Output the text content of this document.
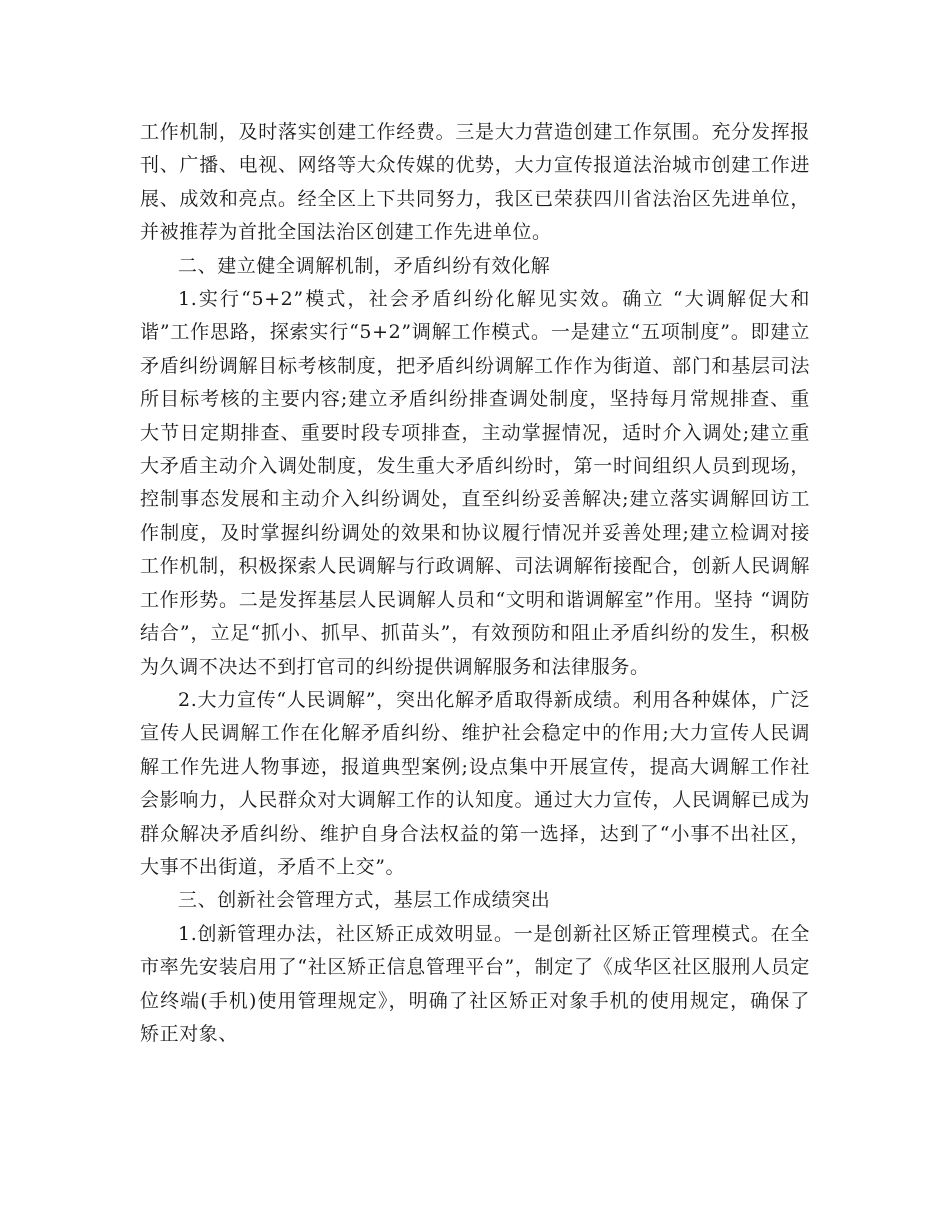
工作机制，及时落实创建工作经费。三是大力营造创建工作氛围。充分发挥报刊、广播、电视、网络等大众传媒的优势，大力宣传报道法治城市创建工作进展、成效和亮点。经全区上下共同努力，我区已荣获四川省法治区先进单位，并被推荐为首批全国法治区创建工作先进单位。

二、建立健全调解机制，矛盾纠纷有效化解

1.实行“5+2”模式，社会矛盾纠纷化解见实效。确立 “大调解促大和谐”工作思路，探索实行“5+2”调解工作模式。一是建立“五项制度”。即建立矛盾纠纷调解目标考核制度，把矛盾纠纷调解工作作为街道、部门和基层司法所目标考核的主要内容;建立矛盾纠纷排查调处制度，坚持每月常规排查、重大节日定期排查、重要时段专项排查，主动掌握情况，适时介入调处;建立重大矛盾主动介入调处制度，发生重大矛盾纠纷时，第一时间组织人员到现场，控制事态发展和主动介入纠纷调处，直至纠纷妥善解决;建立落实调解回访工作制度，及时掌握纠纷调处的效果和协议履行情况并妥善处理;建立检调对接工作机制，积极探索人民调解与行政调解、司法调解衔接配合，创新人民调解工作形势。二是发挥基层人民调解人员和“文明和谐调解室”作用。坚持 “调防结合”，立足“抓小、抓早、抓苗头”，有效预防和阻止矛盾纠纷的发生，积极为久调不决达不到打官司的纠纷提供调解服务和法律服务。

2.大力宣传“人民调解”，突出化解矛盾取得新成绩。利用各种媒体，广泛宣传人民调解工作在化解矛盾纠纷、维护社会稳定中的作用;大力宣传人民调解工作先进人物事迹，报道典型案例;设点集中开展宣传，提高大调解工作社会影响力，人民群众对大调解工作的认知度。通过大力宣传，人民调解已成为群众解决矛盾纠纷、维护自身合法权益的第一选择，达到了“小事不出社区，大事不出街道，矛盾不上交”。

三、创新社会管理方式，基层工作成绩突出

1.创新管理办法，社区矫正成效明显。一是创新社区矫正管理模式。在全市率先安装启用了“社区矫正信息管理平台”，制定了《成华区社区服刑人员定位终端(手机)使用管理规定》，明确了社区矫正对象手机的使用规定，确保了矫正对象、
